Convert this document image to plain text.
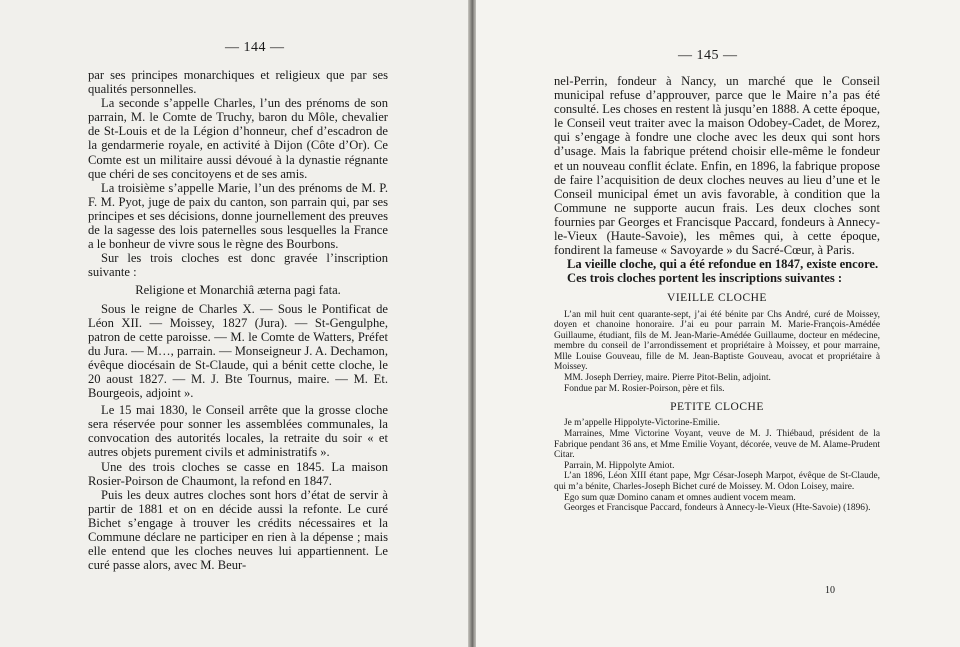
— 144 —

par ses principes monarchiques et religieux que par ses qualités personnelles.

La seconde s’appelle Charles, l’un des prénoms de son parrain, M. le Comte de Truchy, baron du Môle, chevalier de St-Louis et de la Légion d’honneur, chef d’escadron de la gendarmerie royale, en activité à Dijon (Côte d’Or). Ce Comte est un militaire aussi dévoué à la dynastie régnante que chéri de ses concitoyens et de ses amis.

La troisième s’appelle Marie, l’un des prénoms de M. P. F. M. Pyot, juge de paix du canton, son parrain qui, par ses principes et ses décisions, donne journellement des preuves de la sagesse des lois paternelles sous lesquelles la France a le bonheur de vivre sous le règne des Bourbons.

Sur les trois cloches est donc gravée l’inscription suivante :

Religione et Monarchiâ æterna pagi fata.

Sous le reigne de Charles X. — Sous le Pontificat de Léon XII. — Moissey, 1827 (Jura). — St-Gengulphe, patron de cette paroisse. — M. le Comte de Watters, Préfet du Jura. — M…, parrain. — Monseigneur J. A. Dechamon, évêque diocésain de St-Claude, qui a bénit cette cloche, le 20 aoust 1827. — M. J. Bte Tournus, maire. — M. Et. Bourgeois, adjoint ».

Le 15 mai 1830, le Conseil arrête que la grosse cloche sera réservée pour sonner les assemblées communales, la convocation des autorités locales, la retraite du soir « et autres objets purement civils et administratifs ».

Une des trois cloches se casse en 1845. La maison Rosier-Poirson de Chaumont, la refond en 1847.

Puis les deux autres cloches sont hors d’état de servir à partir de 1881 et on en décide aussi la refonte. Le curé Bichet s’engage à trouver les crédits nécessaires et la Commune déclare ne participer en rien à la dépense ; mais elle entend que les cloches neuves lui appartiennent. Le curé passe alors, avec M. Beur-

— 145 —

nel-Perrin, fondeur à Nancy, un marché que le Conseil municipal refuse d’approuver, parce que le Maire n’a pas été consulté. Les choses en restent là jusqu’en 1888. A cette époque, le Conseil veut traiter avec la maison Odobey-Cadet, de Morez, qui s’engage à fondre une cloche avec les deux qui sont hors d’usage. Mais la fabrique prétend choisir elle-même le fondeur et un nouveau conflit éclate. Enfin, en 1896, la fabrique propose de faire l’acquisition de deux cloches neuves au lieu d’une et le Conseil municipal émet un avis favorable, à condition que la Commune ne supporte aucun frais. Les deux cloches sont fournies par Georges et Francisque Paccard, fondeurs à Annecy-le-Vieux (Haute-Savoie), les mêmes qui, à cette époque, fondirent la fameuse « Savoyarde » du Sacré-Cœur, à Paris.

La vieille cloche, qui a été refondue en 1847, existe encore.

Ces trois cloches portent les inscriptions suivantes :

VIEILLE CLOCHE

L’an mil huit cent quarante-sept, j’ai été bénite par Chs André, curé de Moissey, doyen et chanoine honoraire. J’ai eu pour parrain M. Marie-François-Amédée Guillaume, étudiant, fils de M. Jean-Marie-Amédée Guillaume, docteur en médecine, membre du conseil de l’arrondissement et propriétaire à Moissey, et pour marraine, Mlle Louise Gouveau, fille de M. Jean-Baptiste Gouveau, avocat et propriétaire à Moissey.

MM. Joseph Derriey, maire. Pierre Pitot-Belin, adjoint.

Fondue par M. Rosier-Poirson, père et fils.

PETITE CLOCHE

Je m’appelle Hippolyte-Victorine-Emilie.

Marraines, Mme Victorine Voyant, veuve de M. J. Thiébaud, président de la Fabrique pendant 36 ans, et Mme Emilie Voyant, décorée, veuve de M. Alame-Prudent Citar.

Parrain, M. Hippolyte Amiot.

L’an 1896, Léon XIII étant pape, Mgr César-Joseph Marpot, évêque de St-Claude, qui m’a bénite, Charles-Joseph Bichet curé de Moissey. M. Odon Loisey, maire.

Ego sum quæ Domino canam et omnes audient vocem meam.

Georges et Francisque Paccard, fondeurs à Annecy-le-Vieux (Hte-Savoie) (1896).

10
